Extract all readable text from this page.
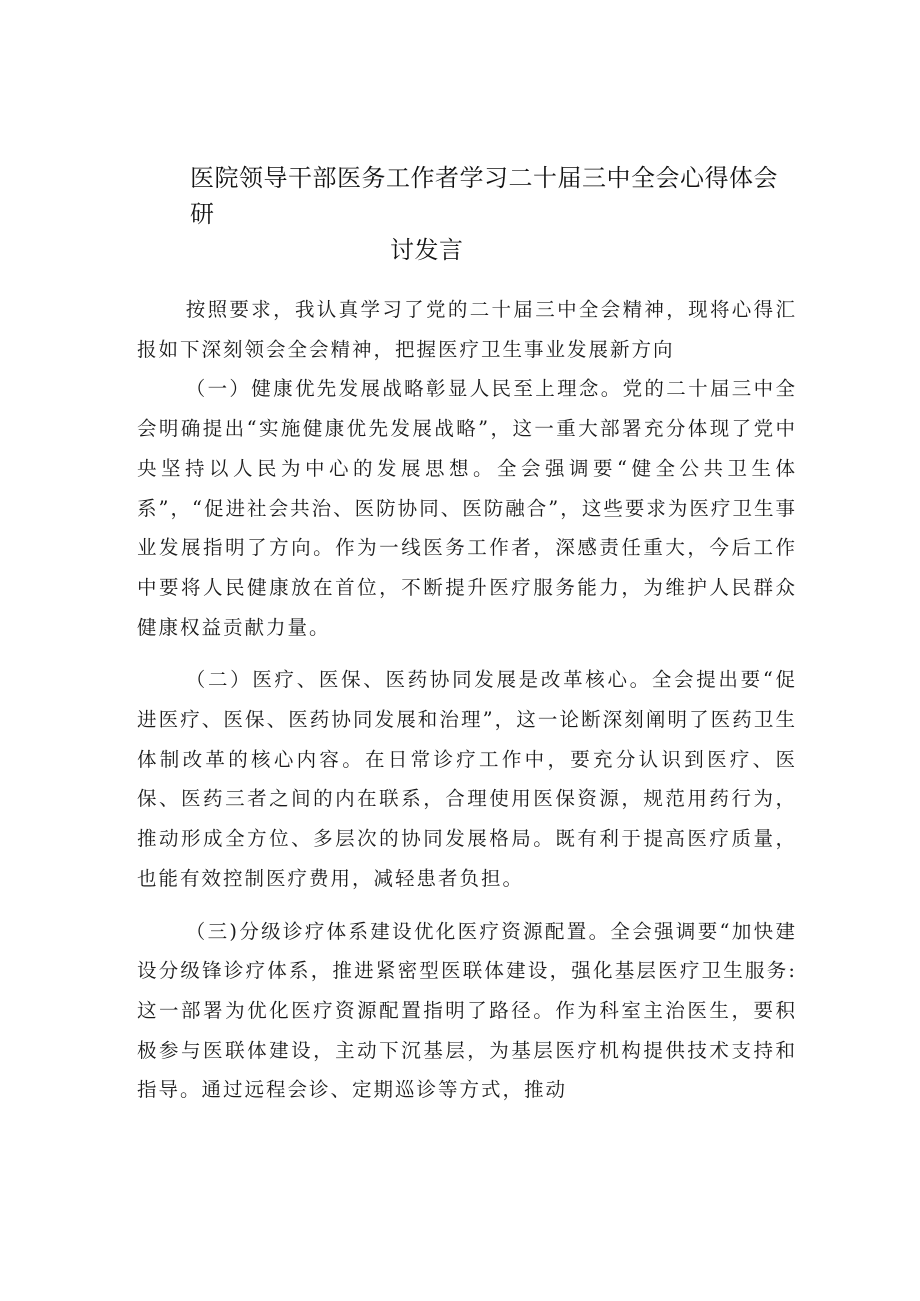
医院领导干部医务工作者学习二十届三中全会心得体会研
讨发言

按照要求，我认真学习了党的二十届三中全会精神，现将心得汇报如下深刻领会全会精神，把握医疗卫生事业发展新方向

（一）健康优先发展战略彰显人民至上理念。党的二十届三中全会明确提出“实施健康优先发展战略”，这一重大部署充分体现了党中央坚持以人民为中心的发展思想。全会强调要“健全公共卫生体系”，“促进社会共治、医防协同、医防融合”，这些要求为医疗卫生事业发展指明了方向。作为一线医务工作者，深感责任重大，今后工作中要将人民健康放在首位，不断提升医疗服务能力，为维护人民群众健康权益贡献力量。

（二）医疗、医保、医药协同发展是改革核心。全会提出要“促进医疗、医保、医药协同发展和治理”，这一论断深刻阐明了医药卫生体制改革的核心内容。在日常诊疗工作中，要充分认识到医疗、医保、医药三者之间的内在联系，合理使用医保资源，规范用药行为，推动形成全方位、多层次的协同发展格局。既有利于提高医疗质量，也能有效控制医疗费用，减轻患者负担。

（三)分级诊疗体系建设优化医疗资源配置。全会强调要“加快建设分级锋诊疗体系，推进紧密型医联体建设，强化基层医疗卫生服务:这一部署为优化医疗资源配置指明了路径。作为科室主治医生，要积极参与医联体建设，主动下沉基层，为基层医疗机构提供技术支持和指导。通过远程会诊、定期巡诊等方式，推动
